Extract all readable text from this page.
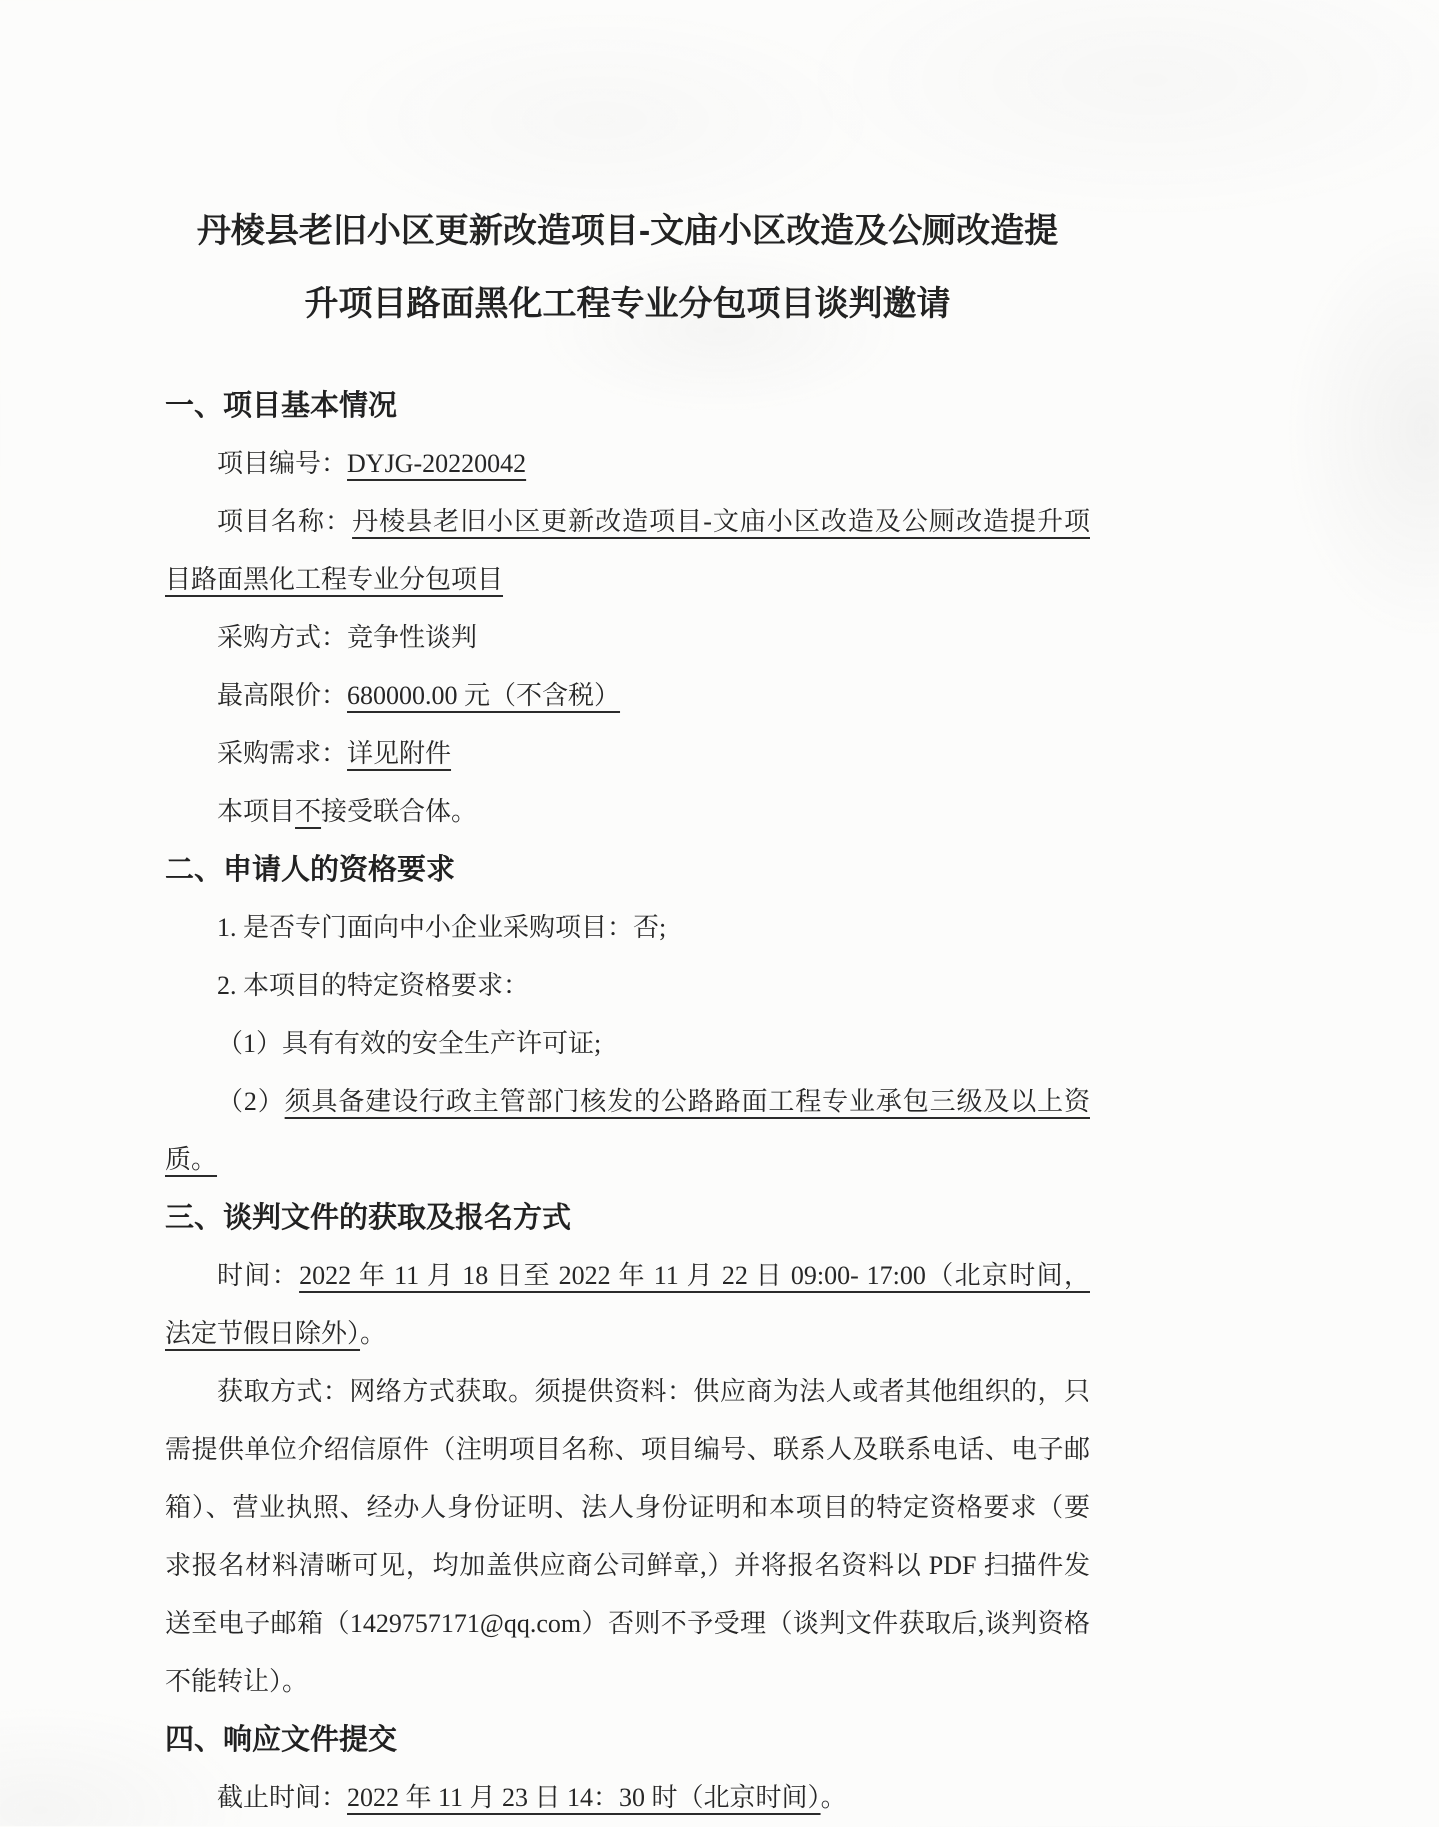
丹棱县老旧小区更新改造项目-文庙小区改造及公厕改造提
升项目路面黑化工程专业分包项目谈判邀请
一、项目基本情况
项目编号：DYJG-20220042
项目名称：丹棱县老旧小区更新改造项目-文庙小区改造及公厕改造提升项
目路面黑化工程专业分包项目
采购方式：竞争性谈判
最高限价：680000.00 元（不含税）
采购需求：详见附件
本项目不接受联合体。
二、申请人的资格要求
1. 是否专门面向中小企业采购项目：否;
2. 本项目的特定资格要求：
（1）具有有效的安全生产许可证;
（2）须具备建设行政主管部门核发的公路路面工程专业承包三级及以上资
质。
三、谈判文件的获取及报名方式
时间：2022 年 11 月 18 日至 2022 年 11 月 22 日 09:00- 17:00（北京时间，
法定节假日除外）。
获取方式：网络方式获取。须提供资料：供应商为法人或者其他组织的，只
需提供单位介绍信原件（注明项目名称、项目编号、联系人及联系电话、电子邮
箱）、营业执照、经办人身份证明、法人身份证明和本项目的特定资格要求（要
求报名材料清晰可见，均加盖供应商公司鲜章,）并将报名资料以 PDF 扫描件发
送至电子邮箱（1429757171@qq.com）否则不予受理（谈判文件获取后,谈判资格
不能转让）。
四、响应文件提交
截止时间：2022 年 11 月 23 日 14：30 时（北京时间）。
